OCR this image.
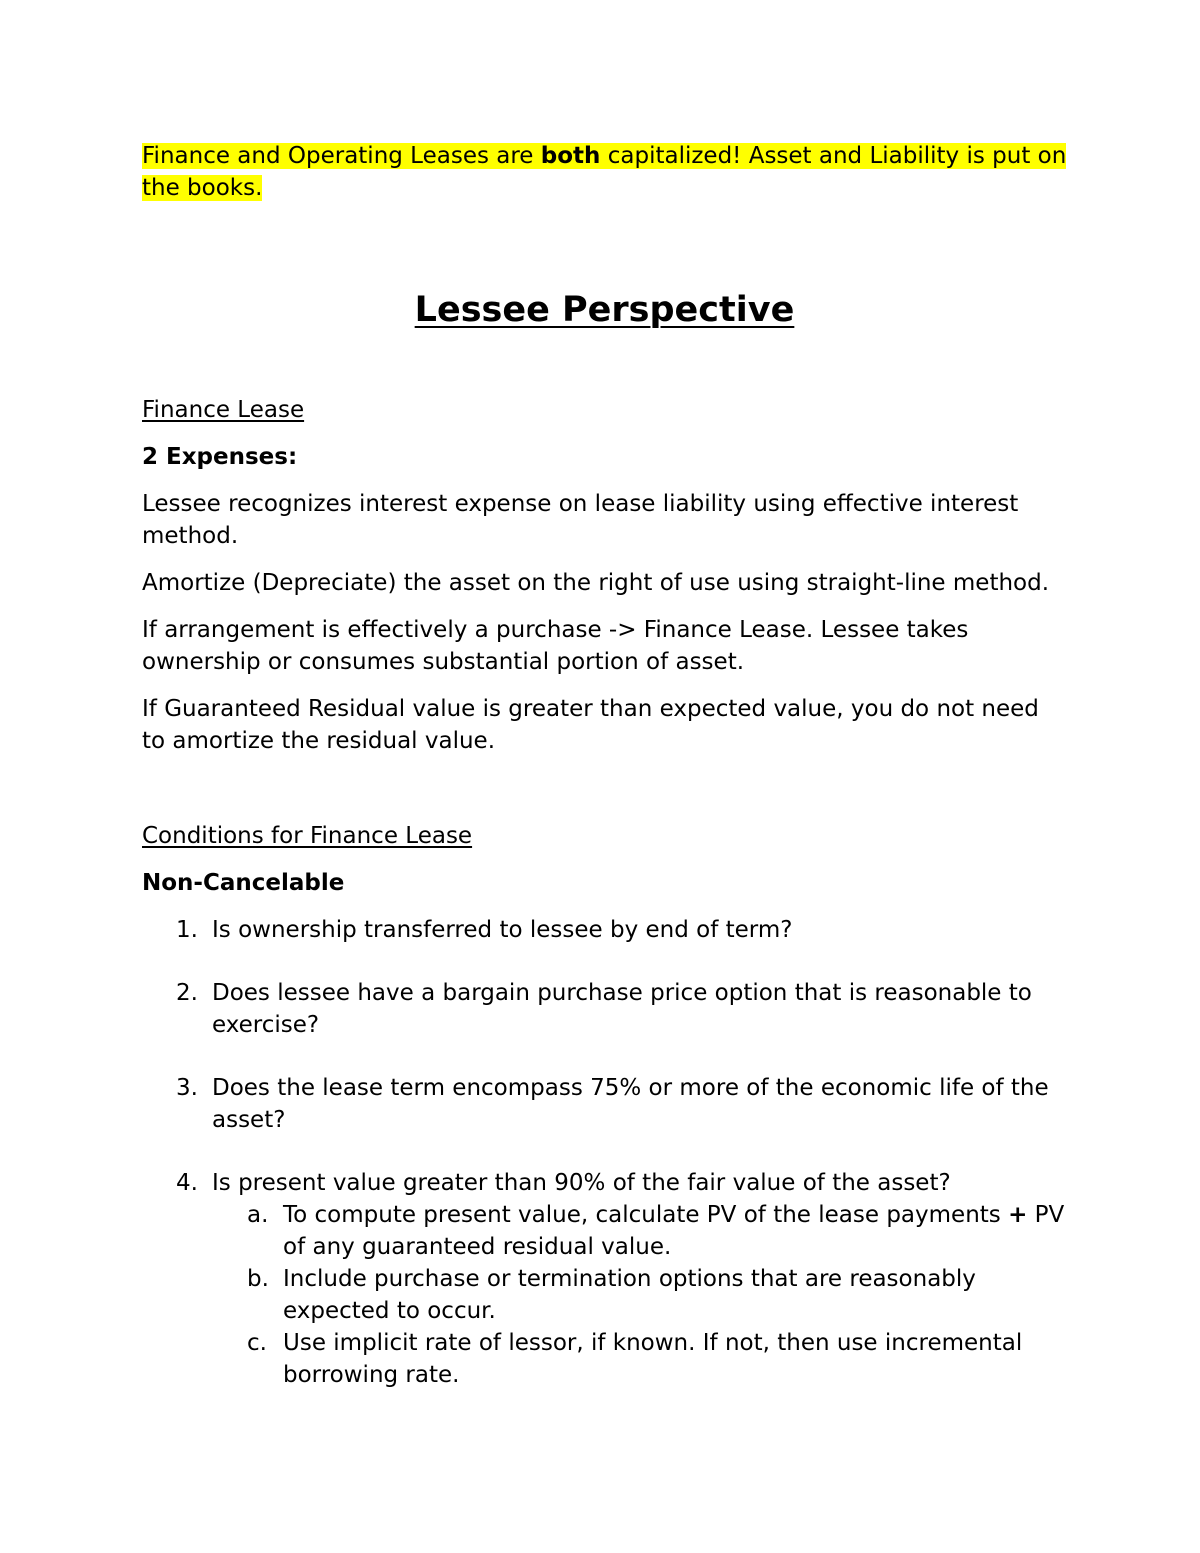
Finance and Operating Leases are both capitalized! Asset and Liability is put on the books.

Lessee Perspective

Finance Lease

2 Expenses:

Lessee recognizes interest expense on lease liability using effective interest method.

Amortize (Depreciate) the asset on the right of use using straight-line method.

If arrangement is effectively a purchase -> Finance Lease. Lessee takes ownership or consumes substantial portion of asset.

If Guaranteed Residual value is greater than expected value, you do not need to amortize the residual value.

Conditions for Finance Lease

Non-Cancelable

1. Is ownership transferred to lessee by end of term?
2. Does lessee have a bargain purchase price option that is reasonable to exercise?
3. Does the lease term encompass 75% or more of the economic life of the asset?
4. Is present value greater than 90% of the fair value of the asset?
a. To compute present value, calculate PV of the lease payments + PV of any guaranteed residual value.
b. Include purchase or termination options that are reasonably expected to occur.
c. Use implicit rate of lessor, if known. If not, then use incremental borrowing rate.
